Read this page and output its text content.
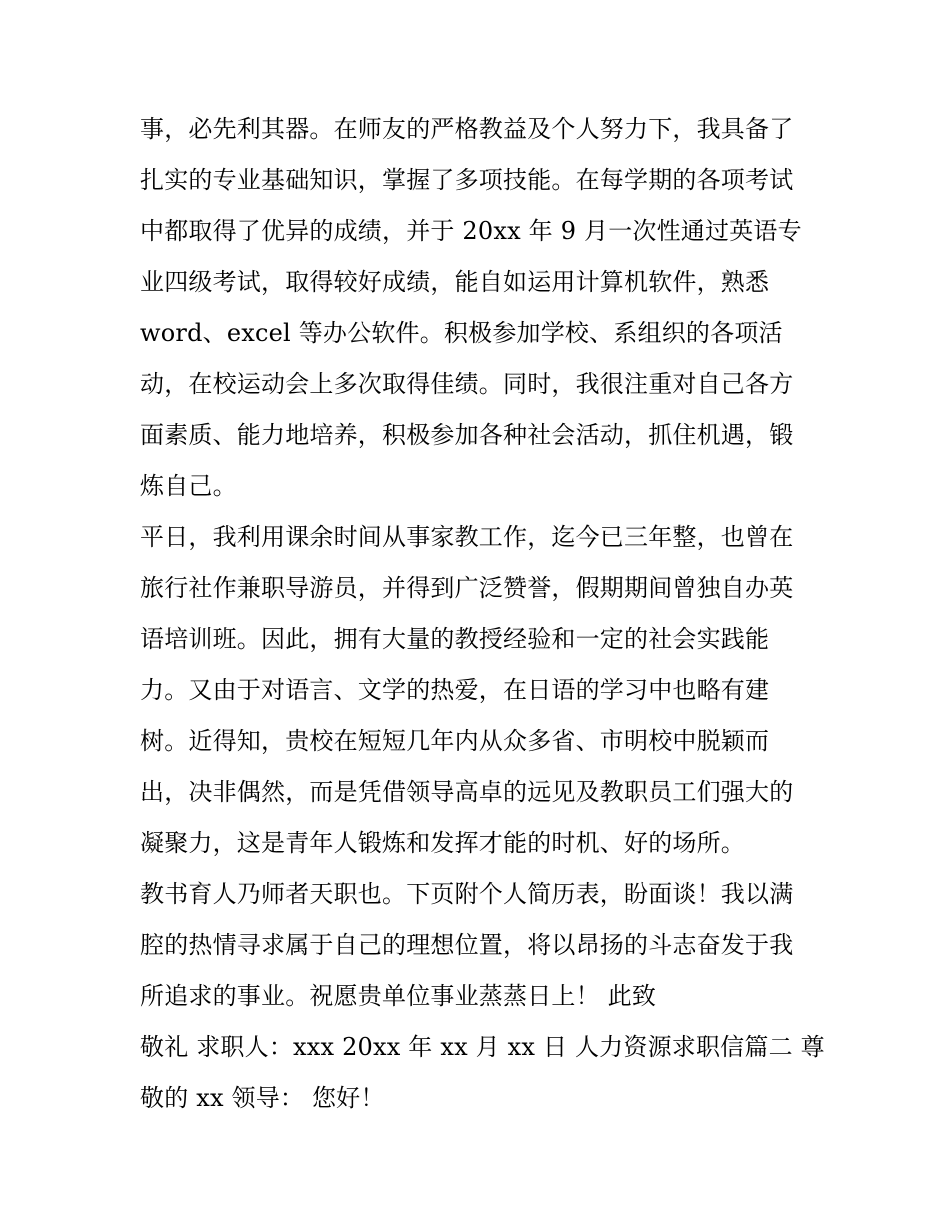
事，必先利其器。在师友的严格教益及个人努力下，我具备了
扎实的专业基础知识，掌握了多项技能。在每学期的各项考试
中都取得了优异的成绩，并于 20xx 年 9 月一次性通过英语专
业四级考试，取得较好成绩，能自如运用计算机软件，熟悉
word、excel 等办公软件。积极参加学校、系组织的各项活
动，在校运动会上多次取得佳绩。同时，我很注重对自己各方
面素质、能力地培养，积极参加各种社会活动，抓住机遇，锻
炼自己。
平日，我利用课余时间从事家教工作，迄今已三年整，也曾在
旅行社作兼职导游员，并得到广泛赞誉，假期期间曾独自办英
语培训班。因此，拥有大量的教授经验和一定的社会实践能
力。又由于对语言、文学的热爱，在日语的学习中也略有建
树。近得知，贵校在短短几年内从众多省、市明校中脱颖而
出，决非偶然，而是凭借领导高卓的远见及教职员工们强大的
凝聚力，这是青年人锻炼和发挥才能的时机、好的场所。
教书育人乃师者天职也。下页附个人简历表，盼面谈！我以满
腔的热情寻求属于自己的理想位置，将以昂扬的斗志奋发于我
所追求的事业。祝愿贵单位事业蒸蒸日上！ 此致
敬礼 求职人：xxx 20xx 年 xx 月 xx 日 人力资源求职信篇二 尊
敬的 xx 领导： 您好！
